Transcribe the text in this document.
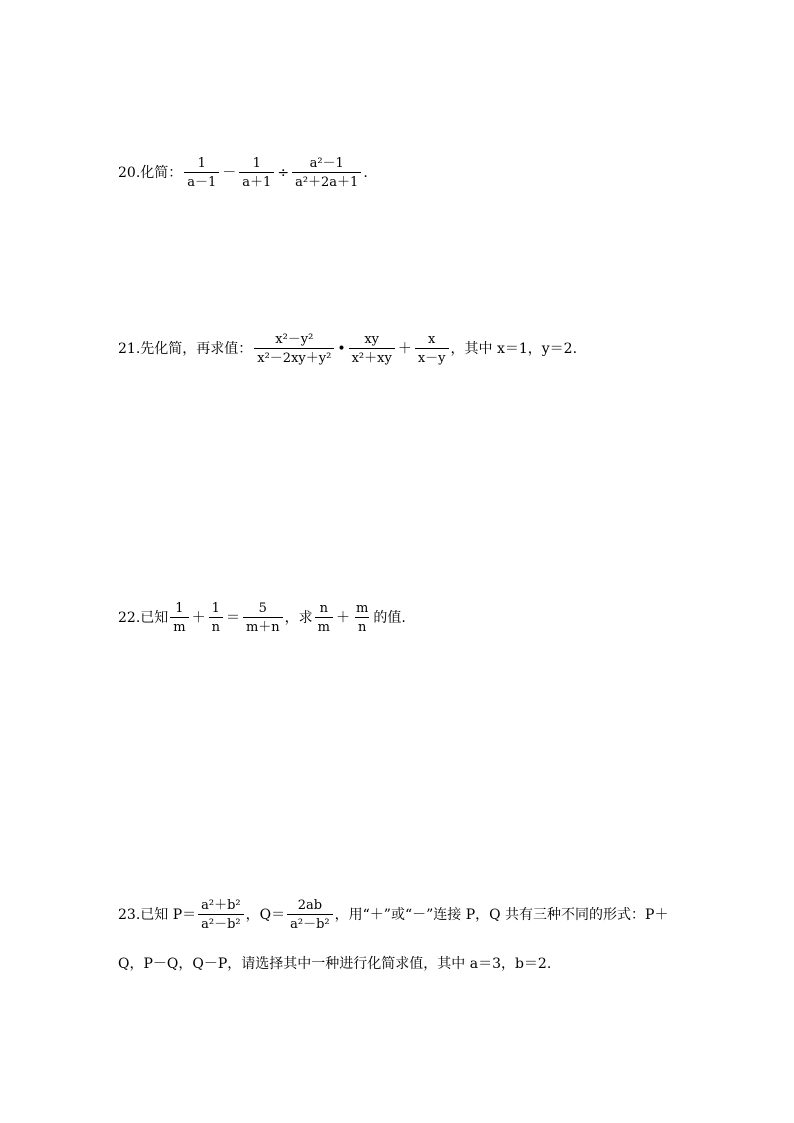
20.化简： $\frac{1}{a-1} - \frac{1}{a+1} \div \frac{\text{a²－1}}{\text{a²＋2a＋1}}$ .
21.先化简，再求值： $\frac{\text{x²－y²}}{\text{x²－2xy＋y²}}$ • $\frac{xy}{\text{x²＋xy}} + \frac{x}{x-y}$ ，其中 x＝1，y＝2.
22.已知 $\frac{1}{m} + \frac{1}{n} = \frac{5}{m+n}$ ，求 $\frac{n}{m} + \frac{m}{n}$ 的值.
23.已知 $P= \frac{\text{a²＋b²}}{\text{a²－b²}}$ ，$Q= \frac{2ab}{\text{a²－b²}}$ ，用“＋”或“－”连接 P，Q 共有三种不同的形式：P＋
Q，P－Q，Q－P，请选择其中一种进行化简求值，其中 a＝3，b＝2.
